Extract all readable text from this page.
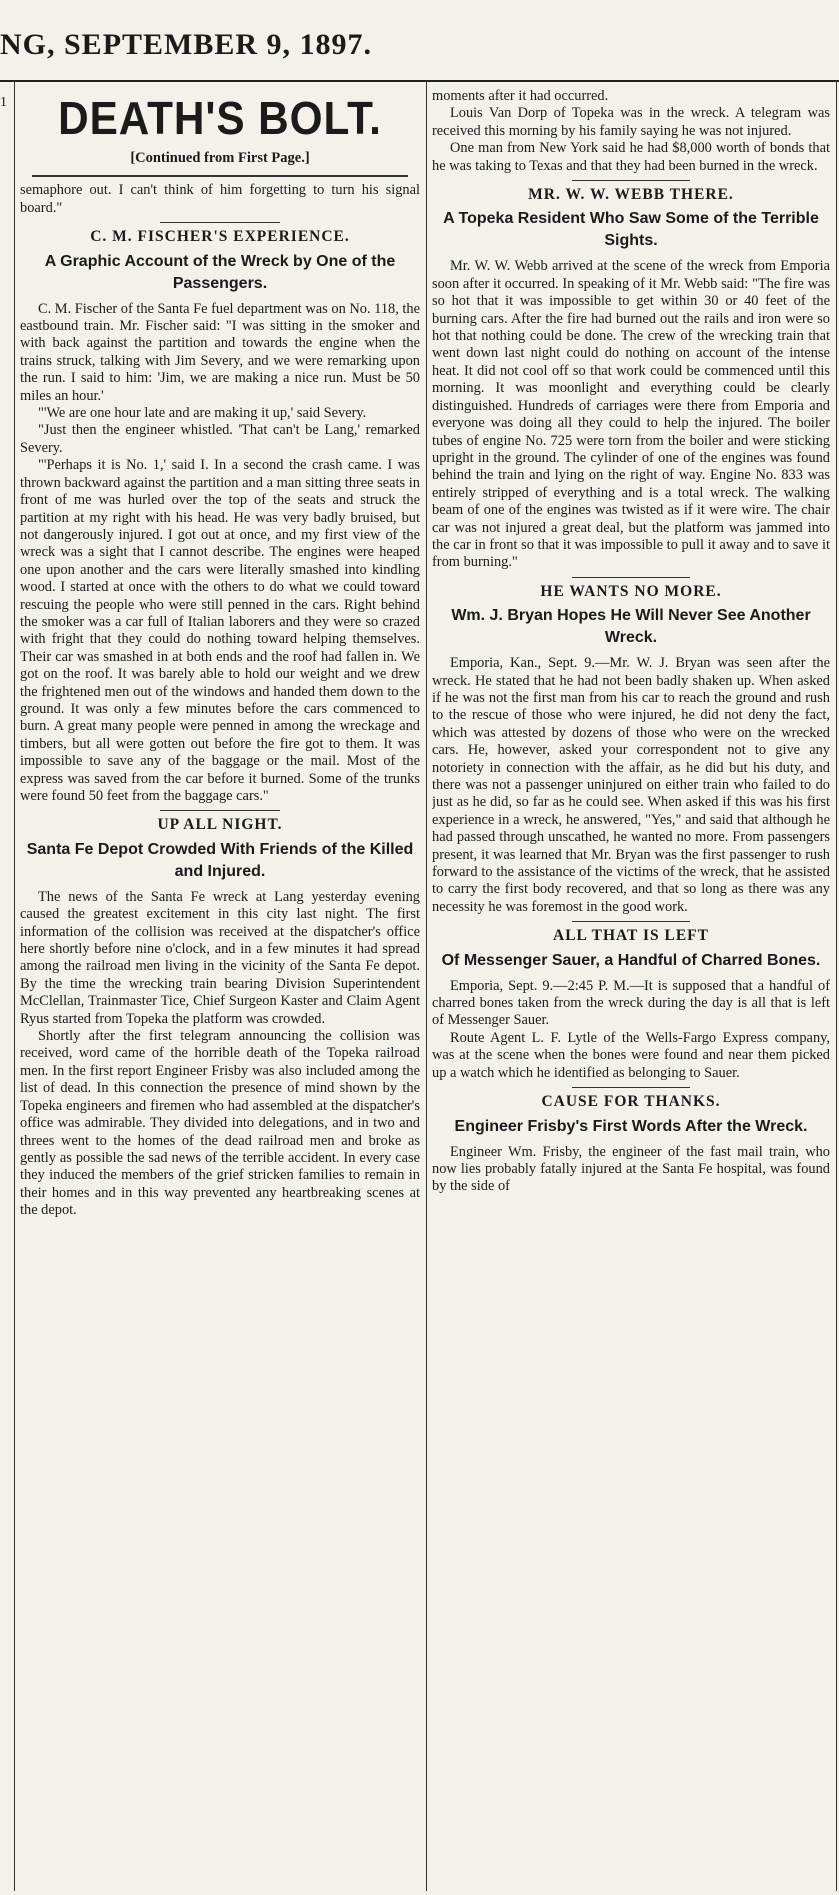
NG, SEPTEMBER 9, 1897.
1	DEATH'S BOLT.
[Continued from First Page.]

semaphore out. I can't think of him forgetting to turn his signal board."

C. M. FISCHER'S EXPERIENCE.
A Graphic Account of the Wreck by One of the Passengers.

C. M. Fischer of the Santa Fe fuel department was on No. 118, the eastbound train. Mr. Fischer said: "I was sitting in the smoker and with back against the partition and towards the engine when the trains struck, talking with Jim Severy, and we were remarking upon the run. I said to him: 'Jim, we are making a nice run. Must be 50 miles an hour.'

"'We are one hour late and are making it up,' said Severy.

"Just then the engineer whistled. 'That can't be Lang,' remarked Severy.

"'Perhaps it is No. 1,' said I. In a second the crash came. I was thrown backward against the partition and a man sitting three seats in front of me was hurled over the top of the seats and struck the partition at my right with his head. He was very badly bruised, but not dangerously injured. I got out at once, and my first view of the wreck was a sight that I cannot describe. The engines were heaped one upon another and the cars were literally smashed into kindling wood. I started at once with the others to do what we could toward rescuing the people who were still penned in the cars. Right behind the smoker was a car full of Italian laborers and they were so crazed with fright that they could do nothing toward helping themselves. Their car was smashed in at both ends and the roof had fallen in. We got on the roof. It was barely able to hold our weight and we drew the frightened men out of the windows and handed them down to the ground. It was only a few minutes before the cars commenced to burn. A great many people were penned in among the wreckage and timbers, but all were gotten out before the fire got to them. It was impossible to save any of the baggage or the mail. Most of the express was saved from the car before it burned. Some of the trunks were found 50 feet from the baggage cars."

UP ALL NIGHT.
Santa Fe Depot Crowded With Friends of the Killed and Injured.

The news of the Santa Fe wreck at Lang yesterday evening caused the greatest excitement in this city last night. The first information of the collision was received at the dispatcher's office here shortly before nine o'clock, and in a few minutes it had spread among the railroad men living in the vicinity of the Santa Fe depot. By the time the wrecking train bearing Division Superintendent McClellan, Trainmaster Tice, Chief Surgeon Kaster and Claim Agent Ryus started from Topeka the platform was crowded.

Shortly after the first telegram announcing the collision was received, word came of the horrible death of the Topeka railroad men. In the first report Engineer Frisby was also included among the list of dead. In this connection the presence of mind shown by the Topeka engineers and firemen who had assembled at the dispatcher's office was admirable. They divided into delegations, and in two and threes went to the homes of the dead railroad men and broke as gently as possible the sad news of the terrible accident. In every case they induced the members of the grief stricken families to remain in their homes and in this way prevented any heartbreaking scenes at the depot.

moments after it had occurred.

Louis Van Dorp of Topeka was in the wreck. A telegram was received this morning by his family saying he was not injured.

One man from New York said he had $8,000 worth of bonds that he was taking to Texas and that they had been burned in the wreck.

MR. W. W. WEBB THERE.
A Topeka Resident Who Saw Some of the Terrible Sights.

Mr. W. W. Webb arrived at the scene of the wreck from Emporia soon after it occurred. In speaking of it Mr. Webb said: "The fire was so hot that it was impossible to get within 30 or 40 feet of the burning cars. After the fire had burned out the rails and iron were so hot that nothing could be done. The crew of the wrecking train that went down last night could do nothing on account of the intense heat. It did not cool off so that work could be commenced until this morning. It was moonlight and everything could be clearly distinguished. Hundreds of carriages were there from Emporia and everyone was doing all they could to help the injured. The boiler tubes of engine No. 725 were torn from the boiler and were sticking upright in the ground. The cylinder of one of the engines was found behind the train and lying on the right of way. Engine No. 833 was entirely stripped of everything and is a total wreck. The walking beam of one of the engines was twisted as if it were wire. The chair car was not injured a great deal, but the platform was jammed into the car in front so that it was impossible to pull it away and to save it from burning."

HE WANTS NO MORE.
Wm. J. Bryan Hopes He Will Never See Another Wreck.

Emporia, Kan., Sept. 9.—Mr. W. J. Bryan was seen after the wreck. He stated that he had not been badly shaken up. When asked if he was not the first man from his car to reach the ground and rush to the rescue of those who were injured, he did not deny the fact, which was attested by dozens of those who were on the wrecked cars. He, however, asked your correspondent not to give any notoriety in connection with the affair, as he did but his duty, and there was not a passenger uninjured on either train who failed to do just as he did, so far as he could see. When asked if this was his first experience in a wreck, he answered, "Yes," and said that although he had passed through unscathed, he wanted no more. From passengers present, it was learned that Mr. Bryan was the first passenger to rush forward to the assistance of the victims of the wreck, that he assisted to carry the first body recovered, and that so long as there was any necessity he was foremost in the good work.

ALL THAT IS LEFT
Of Messenger Sauer, a Handful of Charred Bones.

Emporia, Sept. 9.—2:45 P. M.—It is supposed that a handful of charred bones taken from the wreck during the day is all that is left of Messenger Sauer.

Route Agent L. F. Lytle of the Wells-Fargo Express company, was at the scene when the bones were found and near them picked up a watch which he identified as belonging to Sauer.

CAUSE FOR THANKS.
Engineer Frisby's First Words After the Wreck.

Engineer Wm. Frisby, the engineer of the fast mail train, who now lies probably fatally injured at the Santa Fe hospital, was found by the side of
